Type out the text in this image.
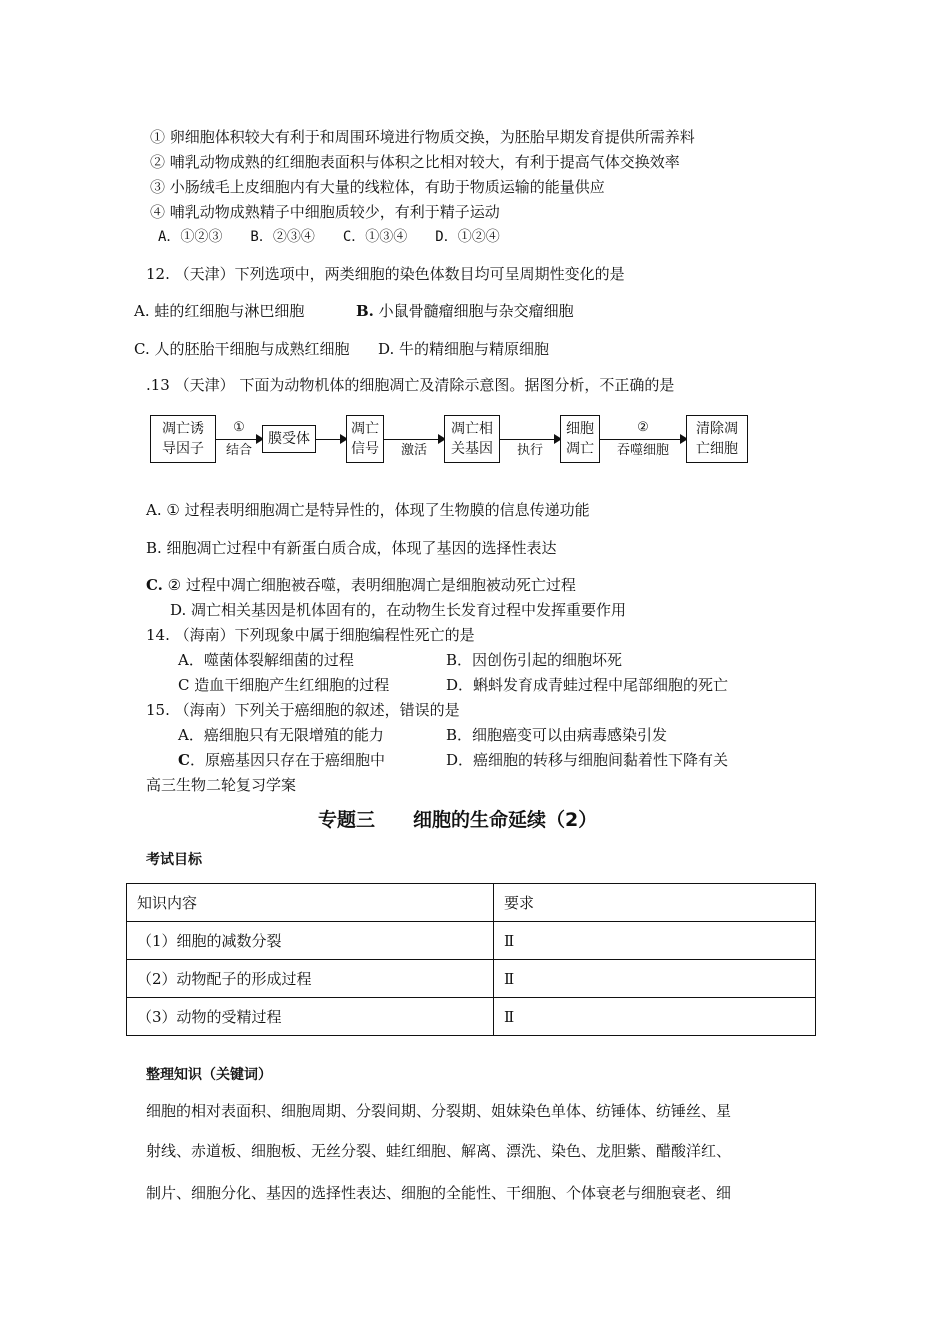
① 卵细胞体积较大有利于和周围环境进行物质交换，为胚胎早期发育提供所需养料
② 哺乳动物成熟的红细胞表面积与体积之比相对较大，有利于提高气体交换效率
③ 小肠绒毛上皮细胞内有大量的线粒体，有助于物质运输的能量供应
④ 哺乳动物成熟精子中细胞质较少，有利于精子运动
A．①②③　　B．②③④　　C．①③④　　D．①②④
12. （天津）下列选项中，两类细胞的染色体数目均可呈周期性变化的是
A. 蛙的红细胞与淋巴细胞	B. 小鼠骨髓瘤细胞与杂交瘤细胞
C. 人的胚胎干细胞与成熟红细胞 D. 牛的精细胞与精原细胞
.13 （天津） 下面为动物机体的细胞凋亡及清除示意图。据图分析，不正确的是
凋亡诱
导因子
①
结合
膜受体
凋亡
信号	激活
凋亡相
关基因	执行
细胞
凋亡
②
吞噬细胞
清除凋
亡细胞
A. ① 过程表明细胞凋亡是特异性的，体现了生物膜的信息传递功能
B. 细胞凋亡过程中有新蛋白质合成，体现了基因的选择性表达
C. ② 过程中凋亡细胞被吞噬，表明细胞凋亡是细胞被动死亡过程
D. 凋亡相关基因是机体固有的，在动物生长发育过程中发挥重要作用
14. （海南）下列现象中属于细胞编程性死亡的是
A．噬菌体裂解细菌的过程	B．因创伤引起的细胞坏死
C 造血干细胞产生红细胞的过程	D．蝌蚪发育成青蛙过程中尾部细胞的死亡
15. （海南）下列关于癌细胞的叙述，错误的是
A．癌细胞只有无限增殖的能力	B．细胞癌变可以由病毒感染引发
C．原癌基因只存在于癌细胞中	D．癌细胞的转移与细胞间黏着性下降有关
高三生物二轮复习学案
专题三　　细胞的生命延续（2）
考试目标
知识内容	要求
（1）细胞的减数分裂	Ⅱ
（2）动物配子的形成过程	Ⅱ
（3）动物的受精过程	Ⅱ
整理知识（关键词）
细胞的相对表面积、细胞周期、分裂间期、分裂期、姐妹染色单体、纺锤体、纺锤丝、星
射线、赤道板、细胞板、无丝分裂、蛙红细胞、解离、漂洗、染色、龙胆紫、醋酸洋红、
制片、细胞分化、基因的选择性表达、细胞的全能性、干细胞、个体衰老与细胞衰老、细
